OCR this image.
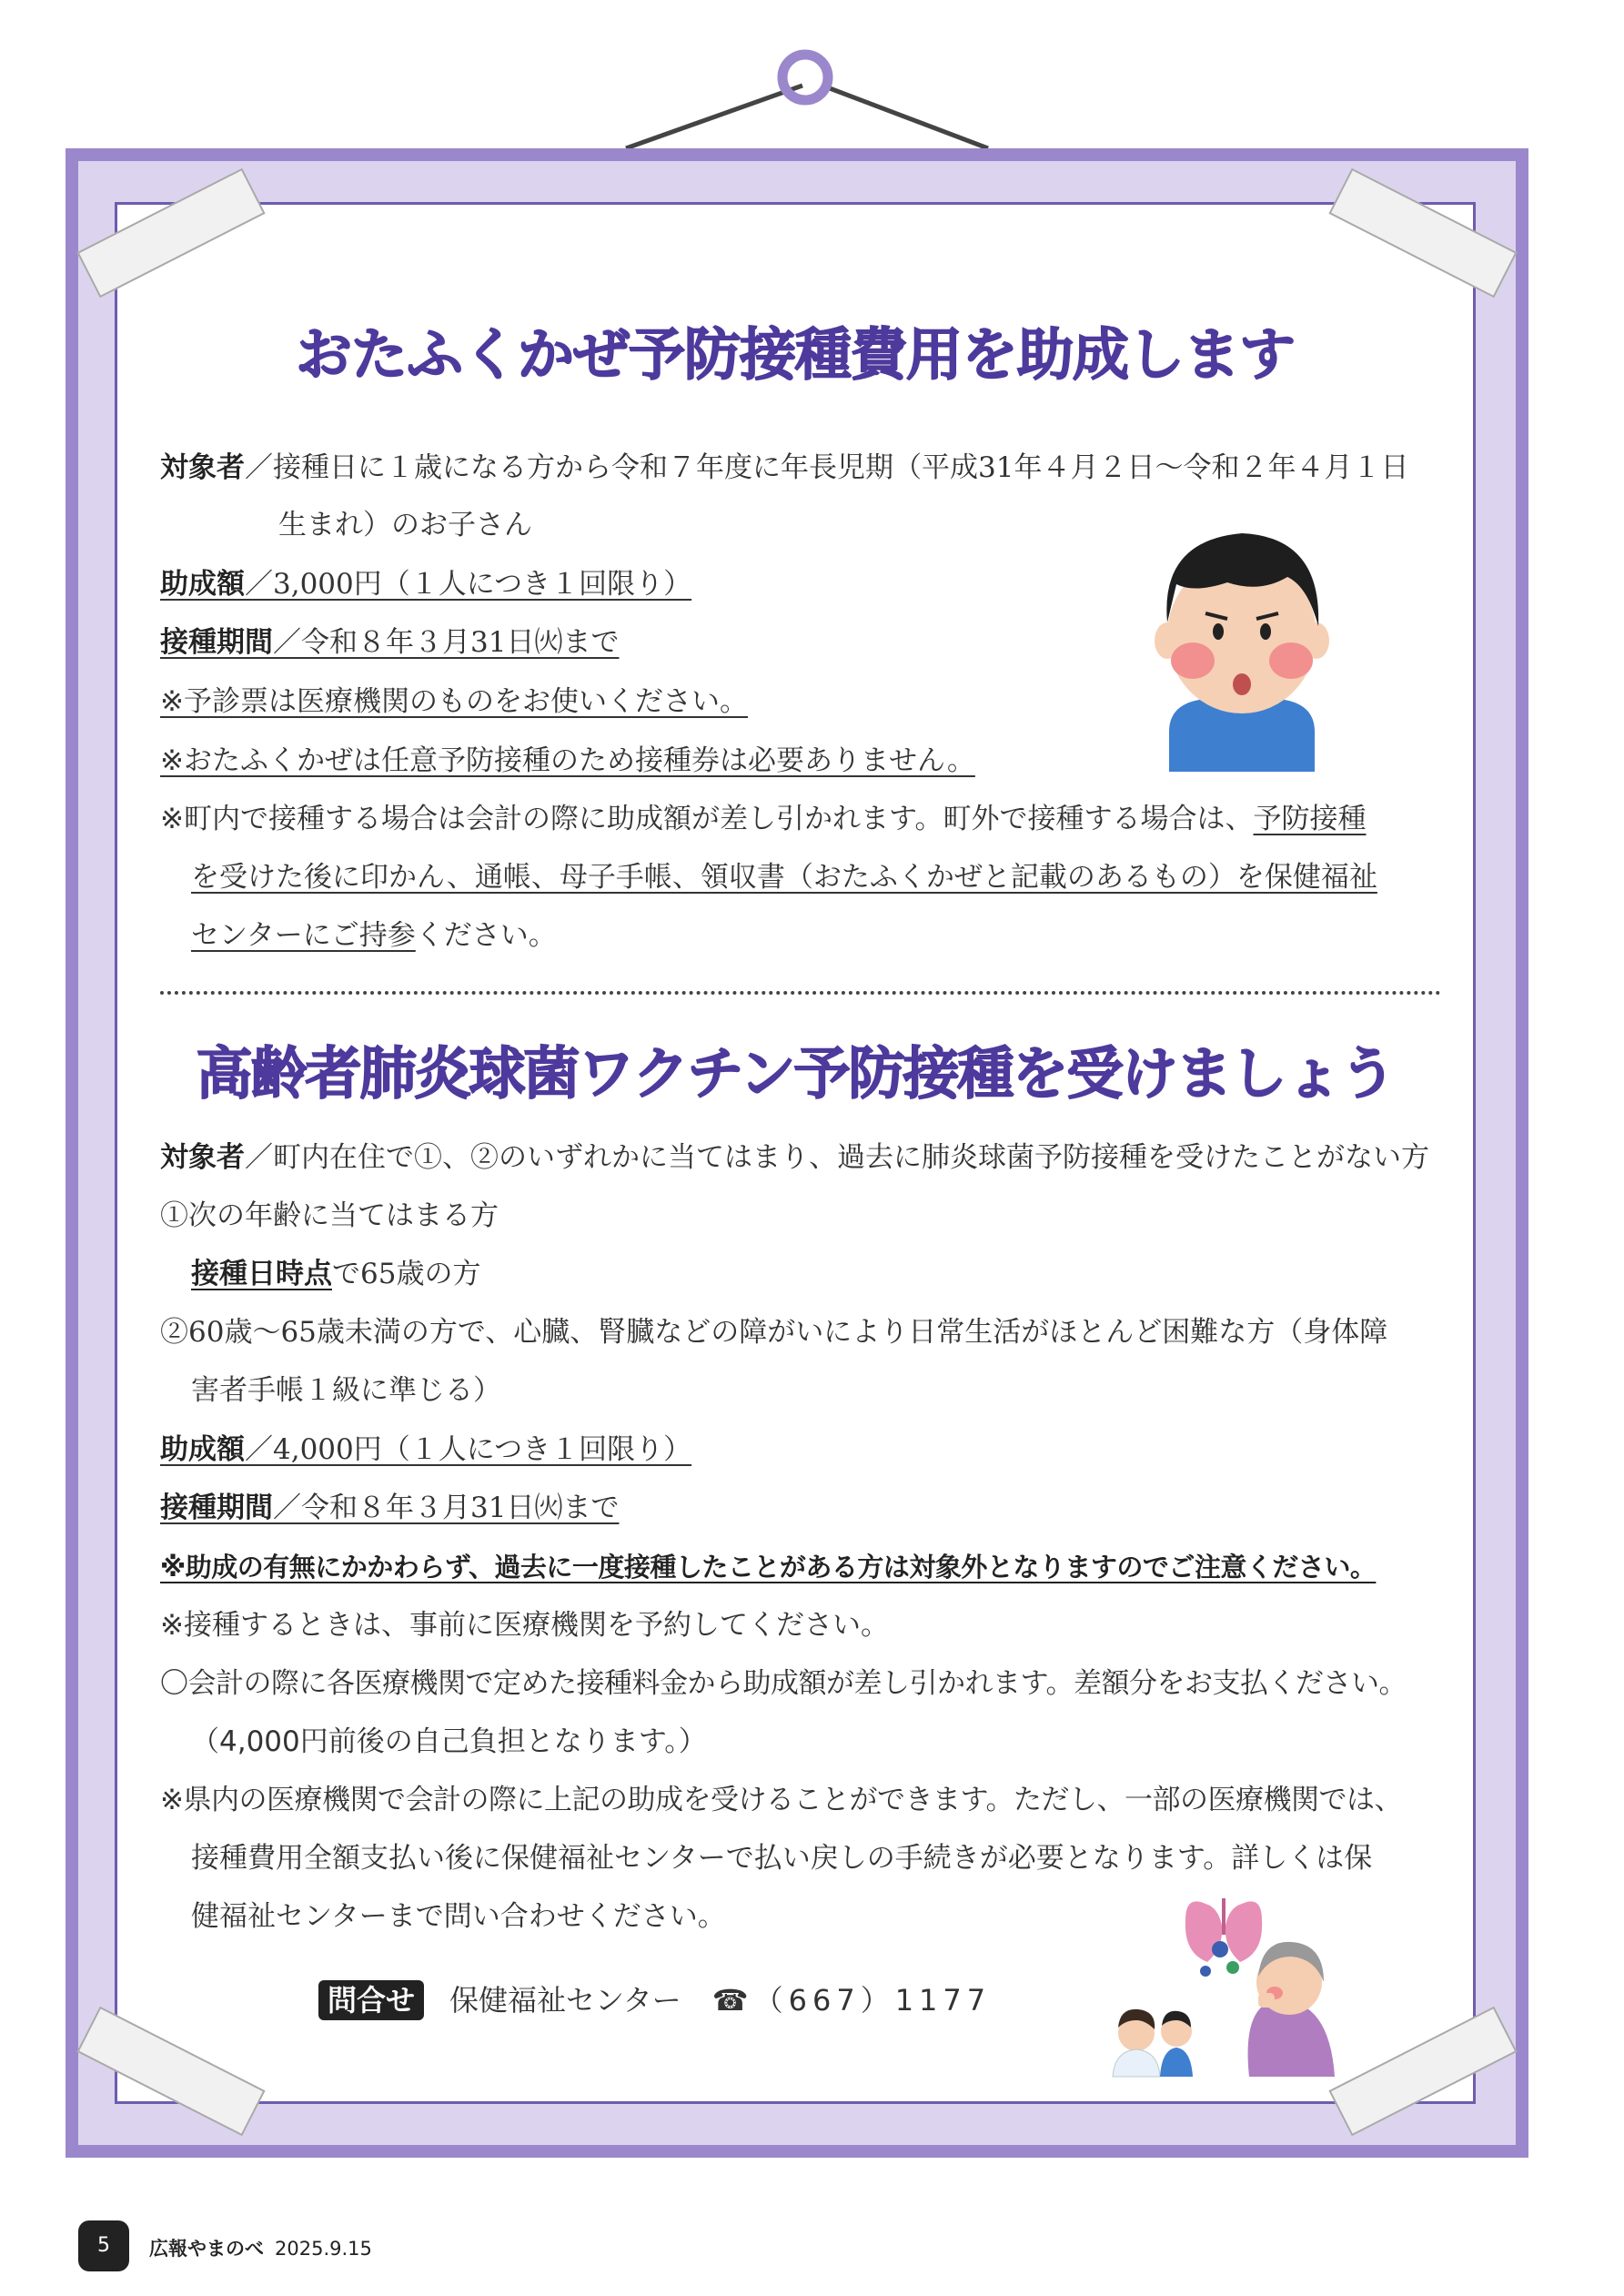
おたふくかぜ予防接種費用を助成します
対象者／接種日に１歳になる方から令和７年度に年長児期（平成31年４月２日〜令和２年４月１日
生まれ）のお子さん
助成額／3,000円（１人につき１回限り）
接種期間／令和８年３月31日㈫まで
※予診票は医療機関のものをお使いください。
※おたふくかぜは任意予防接種のため接種券は必要ありません。
※町内で接種する場合は会計の際に助成額が差し引かれます。町外で接種する場合は、予防接種
を受けた後に印かん、通帳、母子手帳、領収書（おたふくかぜと記載のあるもの）を保健福祉
センターにご持参ください。
高齢者肺炎球菌ワクチン予防接種を受けましょう
対象者／町内在住で①、②のいずれかに当てはまり、過去に肺炎球菌予防接種を受けたことがない方
①次の年齢に当てはまる方
接種日時点で65歳の方
②60歳〜65歳未満の方で、心臓、腎臓などの障がいにより日常生活がほとんど困難な方（身体障
害者手帳１級に準じる）
助成額／4,000円（１人につき１回限り）
接種期間／令和８年３月31日㈫まで
※助成の有無にかかわらず、過去に一度接種したことがある方は対象外となりますのでご注意ください。
※接種するときは、事前に医療機関を予約してください。
〇会計の際に各医療機関で定めた接種料金から助成額が差し引かれます。差額分をお支払ください。
（4,000円前後の自己負担となります。）
※県内の医療機関で会計の際に上記の助成を受けることができます。ただし、一部の医療機関では、
接種費用全額支払い後に保健福祉センターで払い戻しの手続きが必要となります。詳しくは保
健福祉センターまで問い合わせください。
問合せ 保健福祉センター ☎（667）1177
5	広報やまのべ 2025.9.15
